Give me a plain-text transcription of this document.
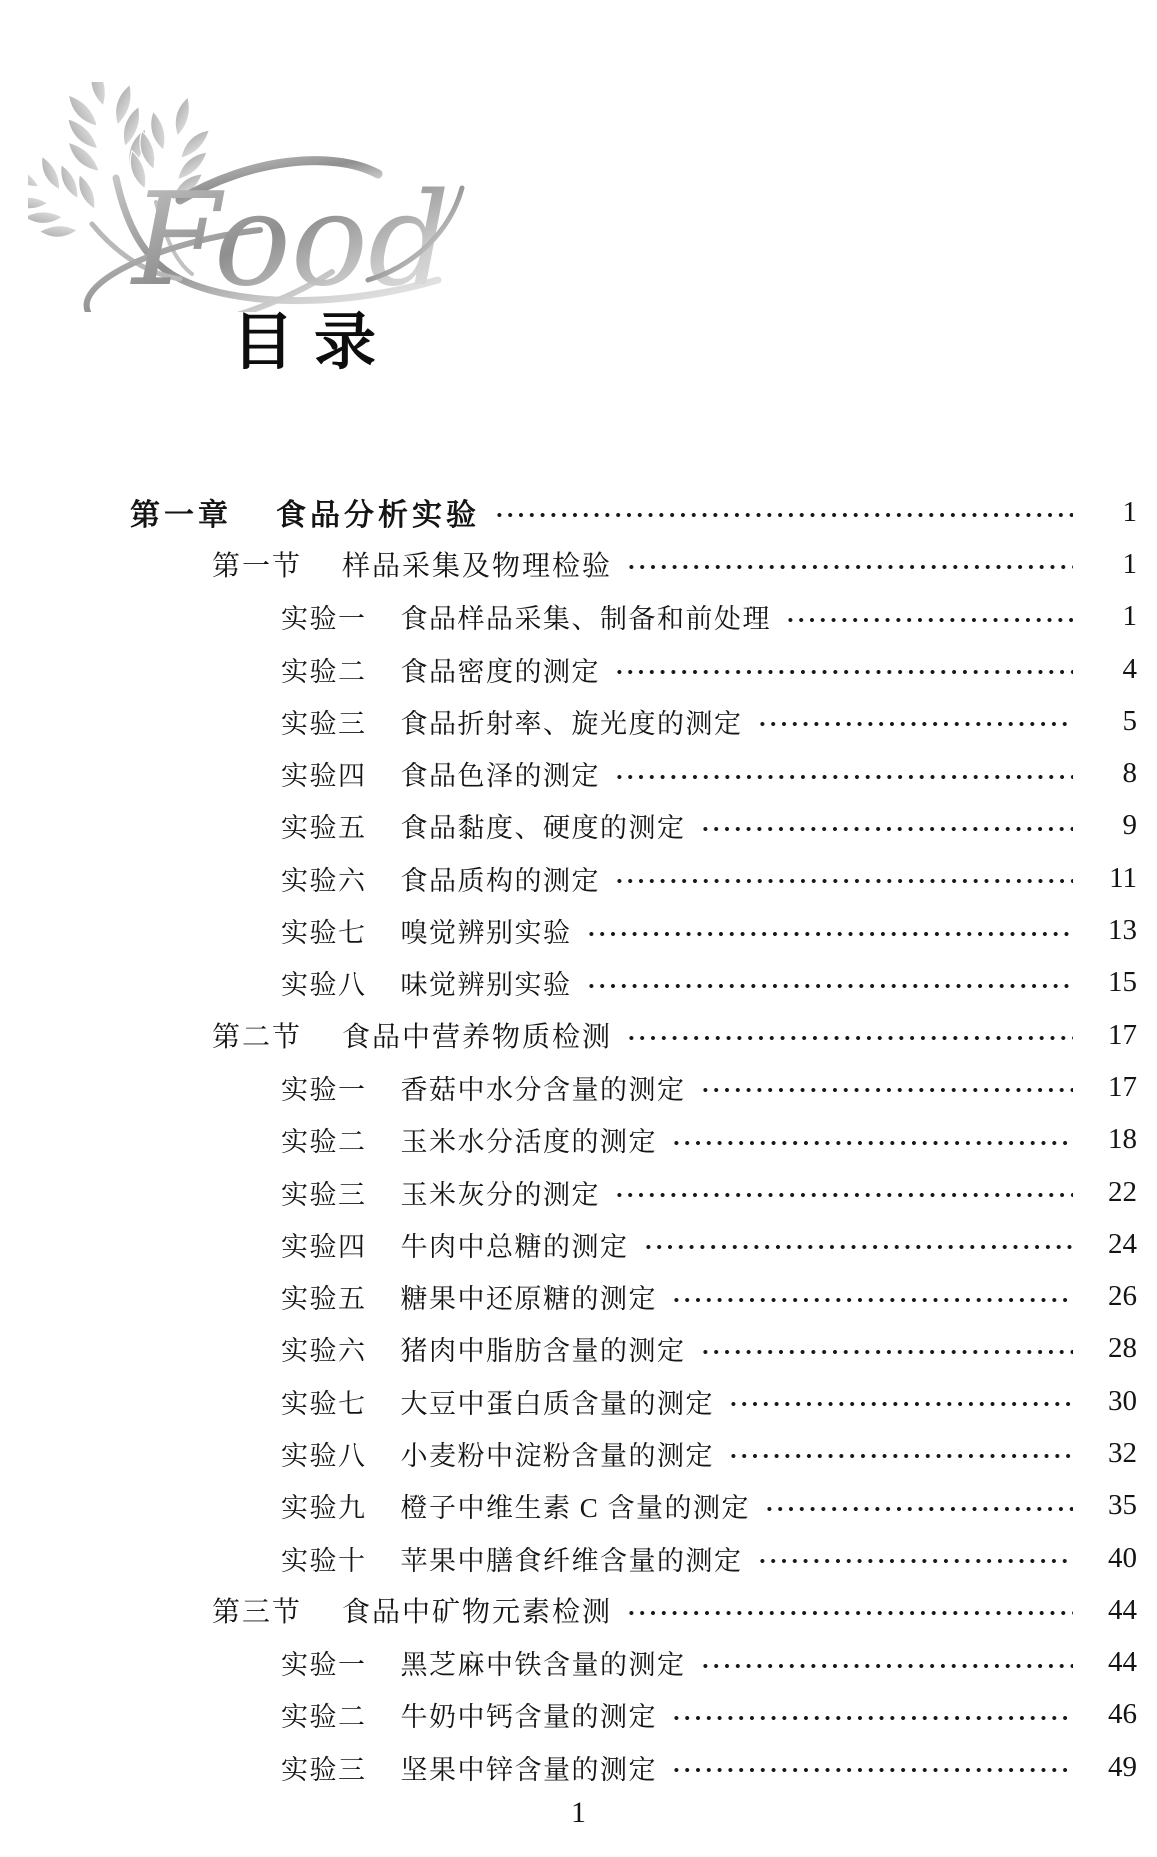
Food
目录
第一章 食品分析实验	1
第一节 样品采集及物理检验	1
实验一 食品样品采集、制备和前处理	1
实验二 食品密度的测定	4
实验三 食品折射率、旋光度的测定	5
实验四 食品色泽的测定	8
实验五 食品黏度、硬度的测定	9
实验六 食品质构的测定	11
实验七 嗅觉辨别实验	13
实验八 味觉辨别实验	15
第二节 食品中营养物质检测	17
实验一 香菇中水分含量的测定	17
实验二 玉米水分活度的测定	18
实验三 玉米灰分的测定	22
实验四 牛肉中总糖的测定	24
实验五 糖果中还原糖的测定	26
实验六 猪肉中脂肪含量的测定	28
实验七 大豆中蛋白质含量的测定	30
实验八 小麦粉中淀粉含量的测定	32
实验九 橙子中维生素 C 含量的测定	35
实验十 苹果中膳食纤维含量的测定	40
第三节 食品中矿物元素检测	44
实验一 黑芝麻中铁含量的测定	44
实验二 牛奶中钙含量的测定	46
实验三 坚果中锌含量的测定	49
1
